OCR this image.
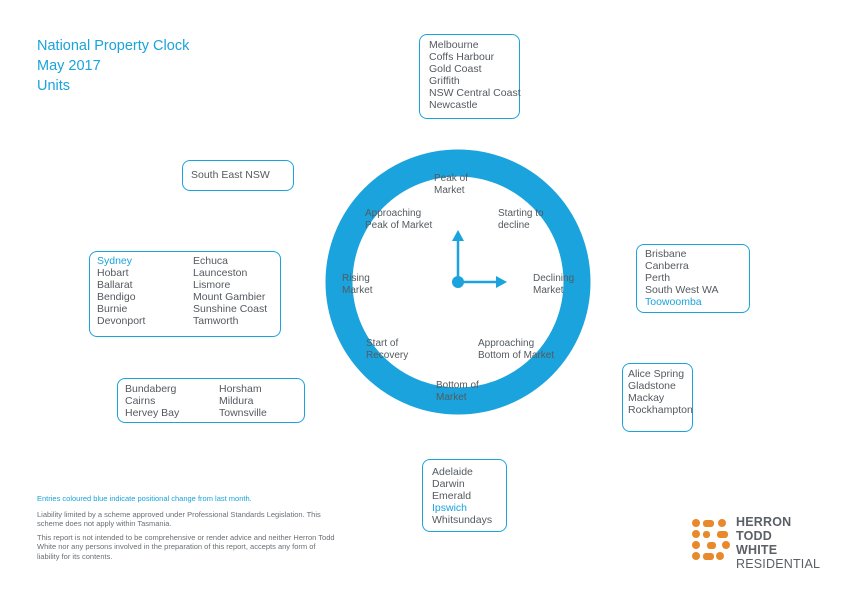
National Property Clock
May 2017
Units
Peak of
Market
Starting to
decline
Declining
Market
Approaching
Bottom of Market
Bottom of
Market
Start of
Recovery
Rising
Market
Approaching
Peak of Market
Melbourne
Coffs Harbour
Gold Coast
Griffith
NSW Central Coast
Newcastle
South East NSW
Sydney
Hobart
Ballarat
Bendigo
Burnie
Devonport
Echuca
Launceston
Lismore
Mount Gambier
Sunshine Coast
Tamworth
Bundaberg
Cairns
Hervey Bay
Horsham
Mildura
Townsville
Adelaide
Darwin
Emerald
Ipswich
Whitsundays
Alice Spring
Gladstone
Mackay
Rockhampton
Brisbane
Canberra
Perth
South West WA
Toowoomba

Entries coloured blue indicate positional change from last month.

Liability limited by a scheme approved under Professional Standards Legislation. This scheme does not apply within Tasmania.

This report is not intended to be comprehensive or render advice and neither Herron Todd White nor any persons involved in the preparation of this report, accepts any form of liability for its contents.

HERRON
TODD
WHITE
RESIDENTIAL
